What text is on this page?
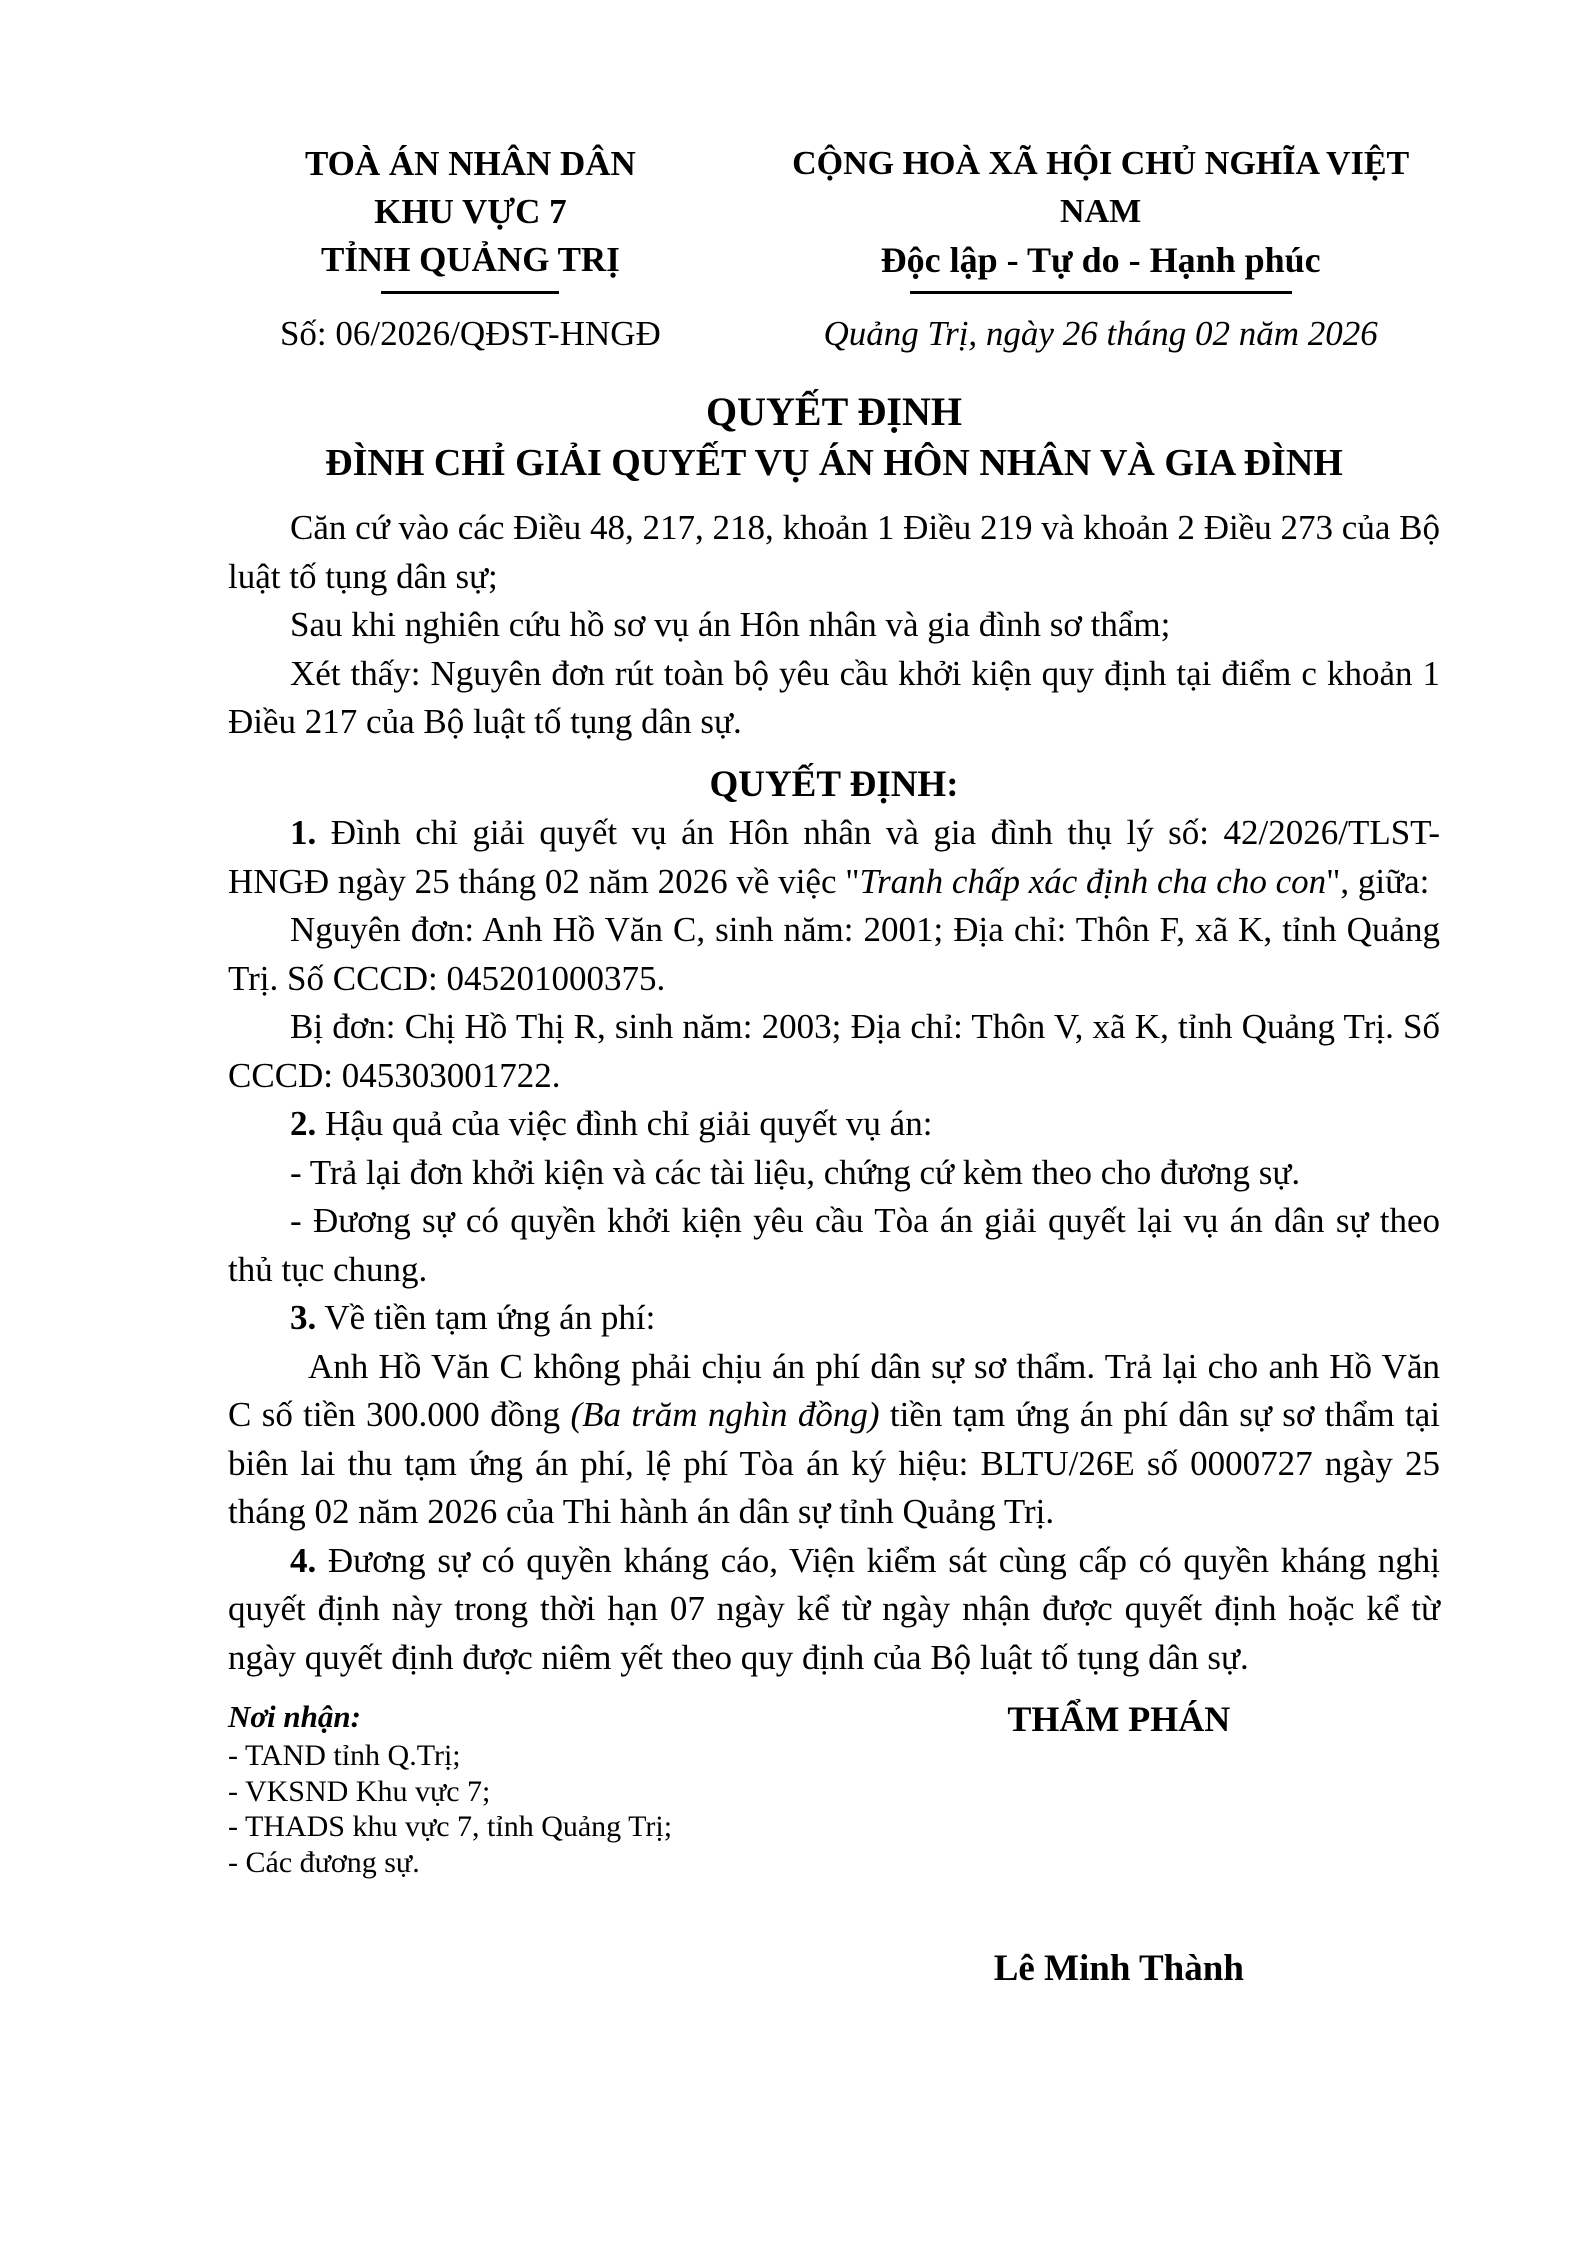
TOÀ ÁN NHÂN DÂN
KHU VỰC 7
TỈNH QUẢNG TRỊ
CỘNG HOÀ XÃ HỘI CHỦ NGHĨA VIỆT NAM
Độc lập - Tự do - Hạnh phúc
Số: 06/2026/QĐST-HNGĐ	Quảng Trị, ngày 26 tháng 02 năm 2026
QUYẾT ĐỊNH
ĐÌNH CHỈ GIẢI QUYẾT VỤ ÁN HÔN NHÂN VÀ GIA ĐÌNH

Căn cứ vào các Điều 48, 217, 218, khoản 1 Điều 219 và khoản 2 Điều 273 của Bộ luật tố tụng dân sự;

Sau khi nghiên cứu hồ sơ vụ án Hôn nhân và gia đình sơ thẩm;

Xét thấy: Nguyên đơn rút toàn bộ yêu cầu khởi kiện quy định tại điểm c khoản 1 Điều 217 của Bộ luật tố tụng dân sự.

QUYẾT ĐỊNH:

1. Đình chỉ giải quyết vụ án Hôn nhân và gia đình thụ lý số: 42/2026/TLST-HNGĐ ngày 25 tháng 02 năm 2026 về việc "Tranh chấp xác định cha cho con", giữa:

Nguyên đơn: Anh Hồ Văn C, sinh năm: 2001; Địa chỉ: Thôn F, xã K, tỉnh Quảng Trị. Số CCCD: 045201000375.

Bị đơn: Chị Hồ Thị R, sinh năm: 2003; Địa chỉ: Thôn V, xã K, tỉnh Quảng Trị. Số CCCD: 045303001722.

2. Hậu quả của việc đình chỉ giải quyết vụ án:

- Trả lại đơn khởi kiện và các tài liệu, chứng cứ kèm theo cho đương sự.

- Đương sự có quyền khởi kiện yêu cầu Tòa án giải quyết lại vụ án dân sự theo thủ tục chung.

3. Về tiền tạm ứng án phí:

Anh Hồ Văn C không phải chịu án phí dân sự sơ thẩm. Trả lại cho anh Hồ Văn C số tiền 300.000 đồng (Ba trăm nghìn đồng) tiền tạm ứng án phí dân sự sơ thẩm tại biên lai thu tạm ứng án phí, lệ phí Tòa án ký hiệu: BLTU/26E số 0000727 ngày 25 tháng 02 năm 2026 của Thi hành án dân sự tỉnh Quảng Trị.

4. Đương sự có quyền kháng cáo, Viện kiểm sát cùng cấp có quyền kháng nghị quyết định này trong thời hạn 07 ngày kể từ ngày nhận được quyết định hoặc kể từ ngày quyết định được niêm yết theo quy định của Bộ luật tố tụng dân sự.

Nơi nhận:
- TAND tỉnh Q.Trị;
- VKSND Khu vực 7;
- THADS khu vực 7, tỉnh Quảng Trị;
- Các đương sự.
THẨM PHÁN
Lê Minh Thành
